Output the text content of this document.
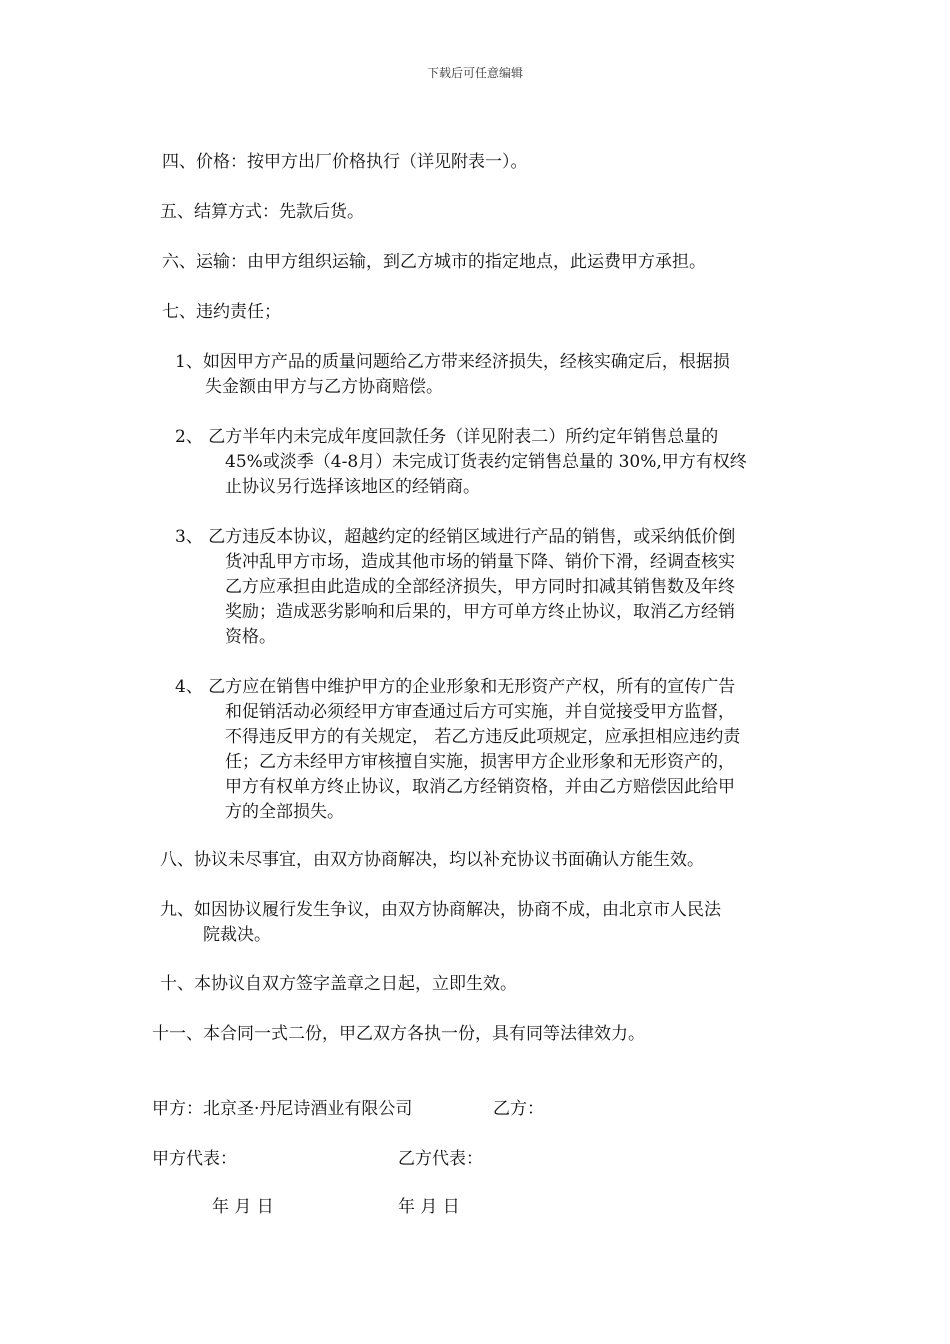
下载后可任意编辑
四、价格：按甲方出厂价格执行（详见附表一）。
五、结算方式：先款后货。
六、运输：由甲方组织运输，到乙方城市的指定地点，此运费甲方承担。
七、违约责任；
1、如因甲方产品的质量问题给乙方带来经济损失，经核实确定后，根据损
失金额由甲方与乙方协商赔偿。
2、 乙方半年内未完成年度回款任务（详见附表二）所约定年销售总量的
45%或淡季（4-8月）未完成订货表约定销售总量的 30%,甲方有权终
止协议另行选择该地区的经销商。
3、 乙方违反本协议，超越约定的经销区域进行产品的销售，或采纳低价倒
货冲乱甲方市场，造成其他市场的销量下降、销价下滑，经调查核实
乙方应承担由此造成的全部经济损失，甲方同时扣减其销售数及年终
奖励；造成恶劣影响和后果的，甲方可单方终止协议，取消乙方经销
资格。
4、 乙方应在销售中维护甲方的企业形象和无形资产产权，所有的宣传广告
和促销活动必须经甲方审查通过后方可实施，并自觉接受甲方监督，
不得违反甲方的有关规定， 若乙方违反此项规定，应承担相应违约责
任；乙方未经甲方审核擅自实施，损害甲方企业形象和无形资产的，
甲方有权单方终止协议，取消乙方经销资格，并由乙方赔偿因此给甲
方的全部损失。
八、协议未尽事宜，由双方协商解决，均以补充协议书面确认方能生效。
九、如因协议履行发生争议，由双方协商解决，协商不成，由北京市人民法
院裁决。
十、本协议自双方签字盖章之日起，立即生效。
十一、本合同一式二份，甲乙双方各执一份，具有同等法律效力。
甲方：北京圣·丹尼诗酒业有限公司	乙方：
甲方代表：	乙方代表：
年 月 日	年 月 日
